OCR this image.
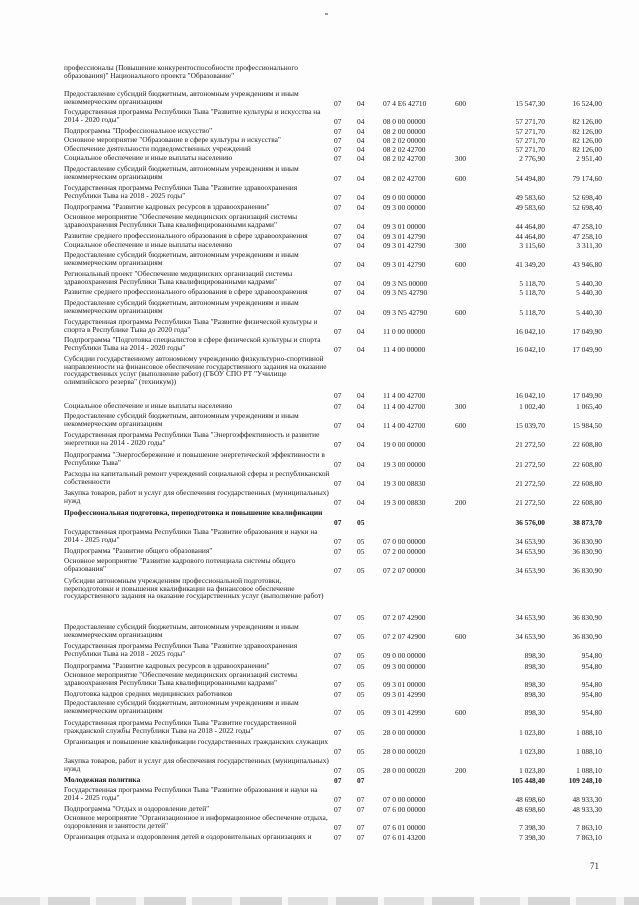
профессионалы (Повышение конкурентоспособности профессионального образования)" Национального проекта "Образование"
Предоставление субсидий бюджетным, автономным учреждениям и иным некоммерческим организациям	07	04	07 4 E6 42710	600	15 547,30	16 524,00
Государственная программа Республики Тыва "Развитие культуры и искусства на 2014 - 2020 годы"	07	04	08 0 00 00000	57 271,70	82 126,00
Подпрограмма "Профессиональное искусство"	07	04	08 2 00 00000	57 271,70	82 126,00
Основное мероприятие "Образование в сфере культуры и искусства"	07	04	08 2 02 00000	57 271,70	82 126,00
Обеспечение деятельности подведомственных учреждений	07	04	08 2 02 42700	57 271,70	82 126,00
Социальное обеспечение и иные выплаты населению	07	04	08 2 02 42700	300	2 776,90	2 951,40
Предоставление субсидий бюджетным, автономным учреждениям и иным некоммерческим организациям	07	04	08 2 02 42700	600	54 494,80	79 174,60
Государственная программа Республики Тыва "Развитие здравоохранения Республики Тыва на 2018 - 2025 годы"	07	04	09 0 00 00000	49 583,60	52 698,40
Подпрограмма "Развитие кадровых ресурсов в здравоохранении"	07	04	09 3 00 00000	49 583,60	52 698,40
Основное мероприятие "Обеспечение медицинских организаций системы здравоохранения Республики Тыва квалифицированными кадрами"	07	04	09 3 01 00000	44 464,80	47 258,10
Развитие среднего профессионального образования в сфере здравоохранения	07	04	09 3 01 42790	44 464,80	47 258,10
Социальное обеспечение и иные выплаты населению	07	04	09 3 01 42790	300	3 115,60	3 311,30
Предоставление субсидий бюджетным, автономным учреждениям и иным некоммерческим организациям	07	04	09 3 01 42790	600	41 349,20	43 946,80
Региональный проект "Обеспечение медицинских организаций системы здравоохранения Республики Тыва квалифицированными кадрами"	07	04	09 3 N5 00000	5 118,70	5 440,30
Развитие среднего профессионального образования в сфере здравоохранения	07	04	09 3 N5 42790	5 118,70	5 440,30
Предоставление субсидий бюджетным, автономным учреждениям и иным некоммерческим организациям	07	04	09 3 N5 42790	600	5 118,70	5 440,30
Государственная программа Республики Тыва "Развитие физической культуры и спорта в Республике Тыва до 2020 года"	07	04	11 0 00 00000	16 042,10	17 049,90
Подпрограмма "Подготовка специалистов в сфере физической культуры и спорта Республики Тыва на 2014 - 2020 годы"	07	04	11 4 00 00000	16 042,10	17 049,90
Субсидии государственному автономному учреждению физкультурно-спортивной направленности на финансовое обеспечение государственного задания на оказание государственных услуг (выполнение работ) (ГБОУ СПО РТ "Училище олимпийского резерва" (техникум))
07	04	11 4 00 42700	16 042,10	17 049,90
Социальное обеспечение и иные выплаты населению	07	04	11 4 00 42700	300	1 002,40	1 065,40
Предоставление субсидий бюджетным, автономным учреждениям и иным некоммерческим организациям	07	04	11 4 00 42700	600	15 039,70	15 984,50
Государственная программа Республики Тыва "Энергоэффективность и развитие энергетики на 2014 - 2020 годы"	07	04	19 0 00 00000	21 272,50	22 608,80
Подпрограмма "Энергосбережение и повышение энергетической эффективности в Республике Тыва"	07	04	19 3 00 00000	21 272,50	22 608,80
Расходы на капитальный ремонт учреждений социальной сферы и республиканской собственности	07	04	19 3 00 08830	21 272,50	22 608,80
Закупка товаров, работ и услуг для обеспечения государственных (муниципальных) нужд	07	04	19 3 00 08830	200	21 272,50	22 608,80
Профессиональная подготовка, переподготовка и повышение квалификации
07	05	36 576,00	38 873,70
Государственная программа Республики Тыва "Развитие образования и науки на 2014 - 2025 годы"	07	05	07 0 00 00000	34 653,90	36 830,90
Подпрограмма "Развитие общего образования"	07	05	07 2 00 00000	34 653,90	36 830,90
Основное мероприятие "Развитие кадрового потенциала системы общего образования"	07	05	07 2 07 00000	34 653,90	36 830,90
Субсидии автономным учреждениям профессиональной подготовки, переподготовки и повышения квалификации на финансовое обеспечение государственного задания на оказание государственных услуг (выполнение работ)
07	05	07 2 07 42900	34 653,90	36 830,90
Предоставление субсидий бюджетным, автономным учреждениям и иным некоммерческим организациям	07	05	07 2 07 42900	600	34 653,90	36 830,90
Государственная программа Республики Тыва "Развитие здравоохранения Республики Тыва на 2018 - 2025 годы"	07	05	09 0 00 00000	898,30	954,80
Подпрограмма "Развитие кадровых ресурсов в здравоохранении"	07	05	09 3 00 00000	898,30	954,80
Основное мероприятие "Обеспечение медицинских организаций системы здравоохранения Республики Тыва квалифицированными кадрами"	07	05	09 3 01 00000	898,30	954,80
Подготовка кадров средних медицинских работников	07	05	09 3 01 42990	898,30	954,80
Предоставление субсидий бюджетным, автономным учреждениям и иным некоммерческим организациям	07	05	09 3 01 42990	600	898,30	954,80
Государственная программа Республики Тыва "Развитие государственной гражданской службы Республики Тыва на 2018 - 2022 годы"	07	05	28 0 00 00000	1 023,80	1 088,10
Организация и повышение квалификации государственных гражданских служащих
07	05	28 0 00 00020	1 023,80	1 088,10
Закупка товаров, работ и услуг для обеспечения государственных (муниципальных) нужд	07	05	28 0 00 00020	200	1 023,80	1 088,10
Молодежная политика	07	07	105 448,40	109 248,10
Государственная программа Республики Тыва "Развитие образования и науки на 2014 - 2025 годы"	07	07	07 0 00 00000	48 698,60	48 933,30
Подпрограмма "Отдых и оздоровление детей"	07	07	07 6 00 00000	48 698,60	48 933,30
Основное мероприятие "Организационное и информационное обеспечение отдыха, оздоровления и занятости детей"	07	07	07 6 01 00000	7 398,30	7 863,10
Организация отдыха и оздоровления детей в оздоровительных организациях и	07	07	07 6 01 43200	7 398,30	7 863,10
71
